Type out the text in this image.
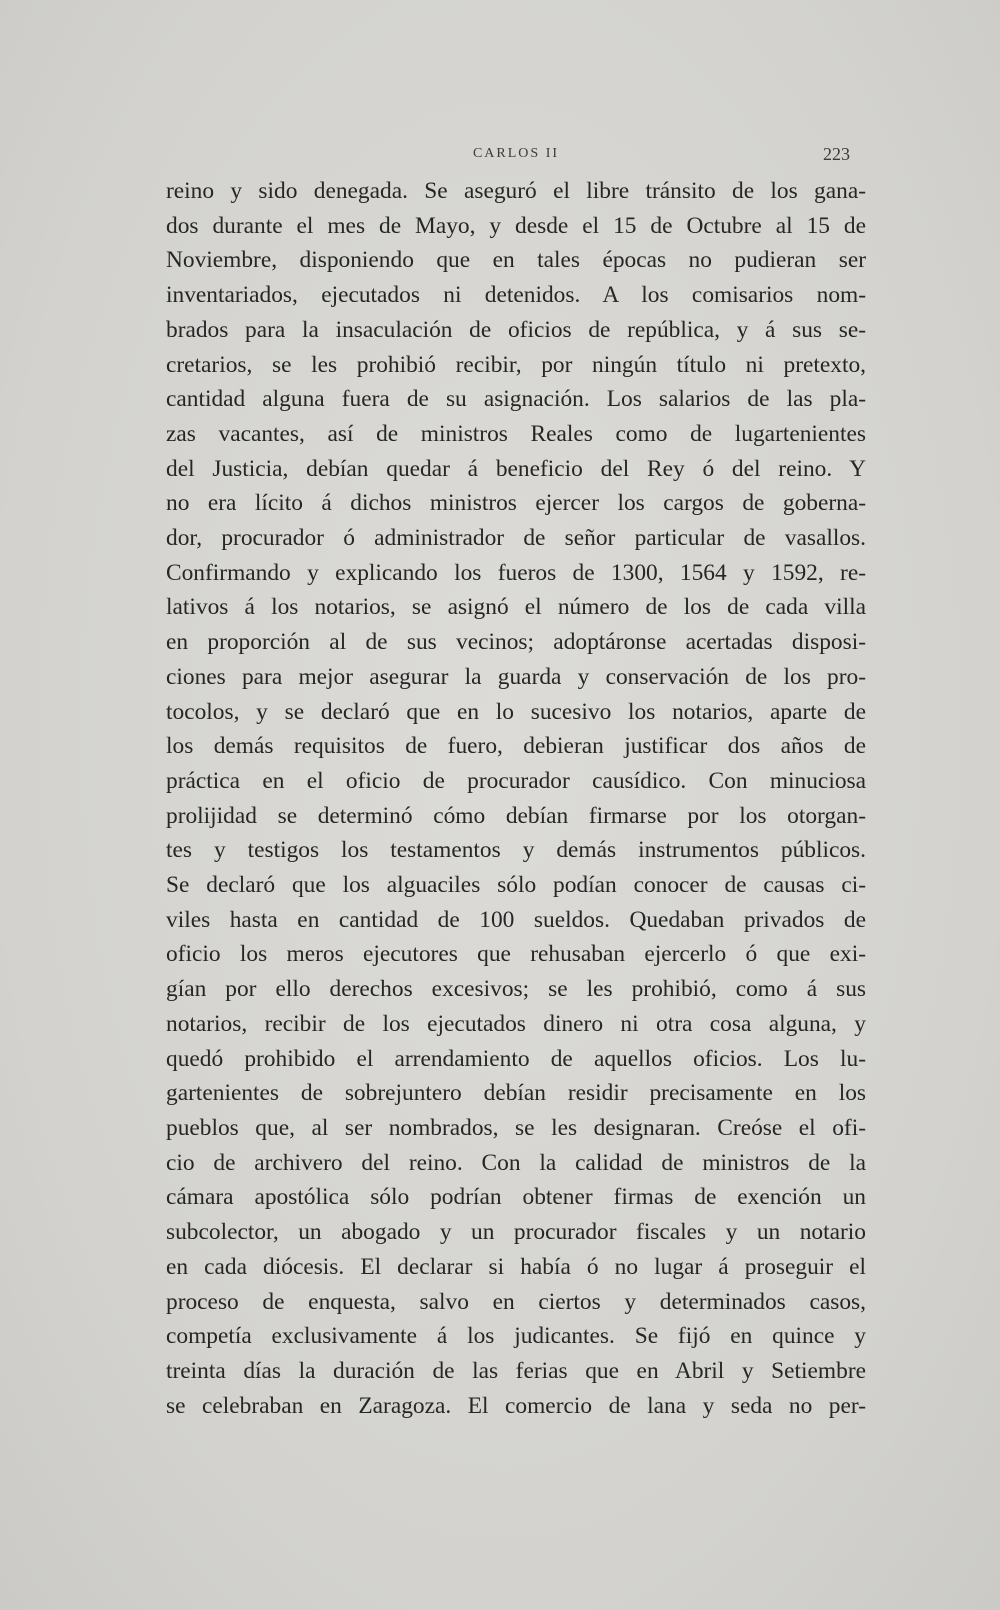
CARLOS II	223
reino y sido denegada. Se aseguró el libre tránsito de los gana-
dos durante el mes de Mayo, y desde el 15 de Octubre al 15 de
Noviembre, disponiendo que en tales épocas no pudieran ser
inventariados, ejecutados ni detenidos. A los comisarios nom-
brados para la insaculación de oficios de república, y á sus se-
cretarios, se les prohibió recibir, por ningún título ni pretexto,
cantidad alguna fuera de su asignación. Los salarios de las pla-
zas vacantes, así de ministros Reales como de lugartenientes
del Justicia, debían quedar á beneficio del Rey ó del reino. Y
no era lícito á dichos ministros ejercer los cargos de goberna-
dor, procurador ó administrador de señor particular de vasallos.
Confirmando y explicando los fueros de 1300, 1564 y 1592, re-
lativos á los notarios, se asignó el número de los de cada villa
en proporción al de sus vecinos; adoptáronse acertadas disposi-
ciones para mejor asegurar la guarda y conservación de los pro-
tocolos, y se declaró que en lo sucesivo los notarios, aparte de
los demás requisitos de fuero, debieran justificar dos años de
práctica en el oficio de procurador causídico. Con minuciosa
prolijidad se determinó cómo debían firmarse por los otorgan-
tes y testigos los testamentos y demás instrumentos públicos.
Se declaró que los alguaciles sólo podían conocer de causas ci-
viles hasta en cantidad de 100 sueldos. Quedaban privados de
oficio los meros ejecutores que rehusaban ejercerlo ó que exi-
gían por ello derechos excesivos; se les prohibió, como á sus
notarios, recibir de los ejecutados dinero ni otra cosa alguna, y
quedó prohibido el arrendamiento de aquellos oficios. Los lu-
gartenientes de sobrejuntero debían residir precisamente en los
pueblos que, al ser nombrados, se les designaran. Creóse el ofi-
cio de archivero del reino. Con la calidad de ministros de la
cámara apostólica sólo podrían obtener firmas de exención un
subcolector, un abogado y un procurador fiscales y un notario
en cada diócesis. El declarar si había ó no lugar á proseguir el
proceso de enquesta, salvo en ciertos y determinados casos,
competía exclusivamente á los judicantes. Se fijó en quince y
treinta días la duración de las ferias que en Abril y Setiembre
se celebraban en Zaragoza. El comercio de lana y seda no per-
